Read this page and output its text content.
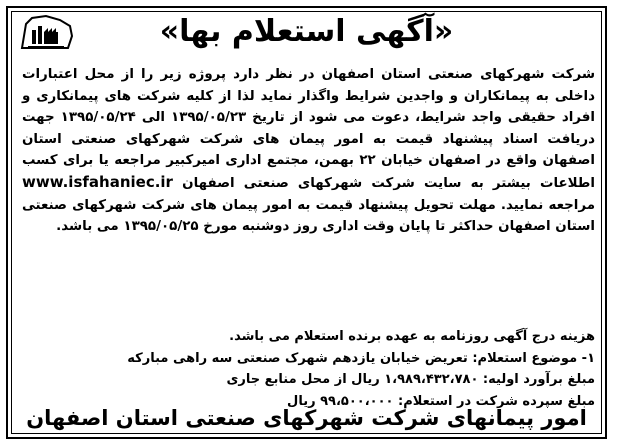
«آگهی استعلام بها»

شرکت شهرکهای صنعتی استان اصفهان در نظر دارد پروژه زیر را از محل اعتبارات داخلی به پیمانکاران و واجدین شرایط واگذار نماید لذا از کلیه شرکت های پیمانکاری و افراد حقیقی واجد شرایط، دعوت می شود از تاریخ ۱۳۹۵/۰۵/۲۳ الی ۱۳۹۵/۰۵/۲۴ جهت دریافت اسناد پیشنهاد قیمت به امور پیمان های شرکت شهرکهای صنعتی استان اصفهان واقع در اصفهان خیابان ۲۲ بهمن، مجتمع اداری امیرکبیر مراجعه یا برای کسب اطلاعات بیشتر به سایت شرکت شهرکهای صنعتی اصفهان www.isfahaniec.ir مراجعه نمایید. مهلت تحویل پیشنهاد قیمت به امور پیمان های شرکت شهرکهای صنعتی استان اصفهان حداکثر تا پایان وقت اداری روز دوشنبه مورخ ۱۳۹۵/۰۵/۲۵ می باشد.

هزینه درج آگهی روزنامه به عهده برنده استعلام می باشد.
۱- موضوع استعلام: تعریض خیابان یازدهم شهرک صنعتی سه راهی مبارکه
مبلغ برآورد اولیه: ۱،۹۸۹،۴۳۲،۷۸۰ ریال از محل منابع جاری
مبلغ سپرده شرکت در استعلام: ۹۹،۵۰۰،۰۰۰ ریال
امور پیمانهای شرکت شهرکهای صنعتی استان اصفهان
